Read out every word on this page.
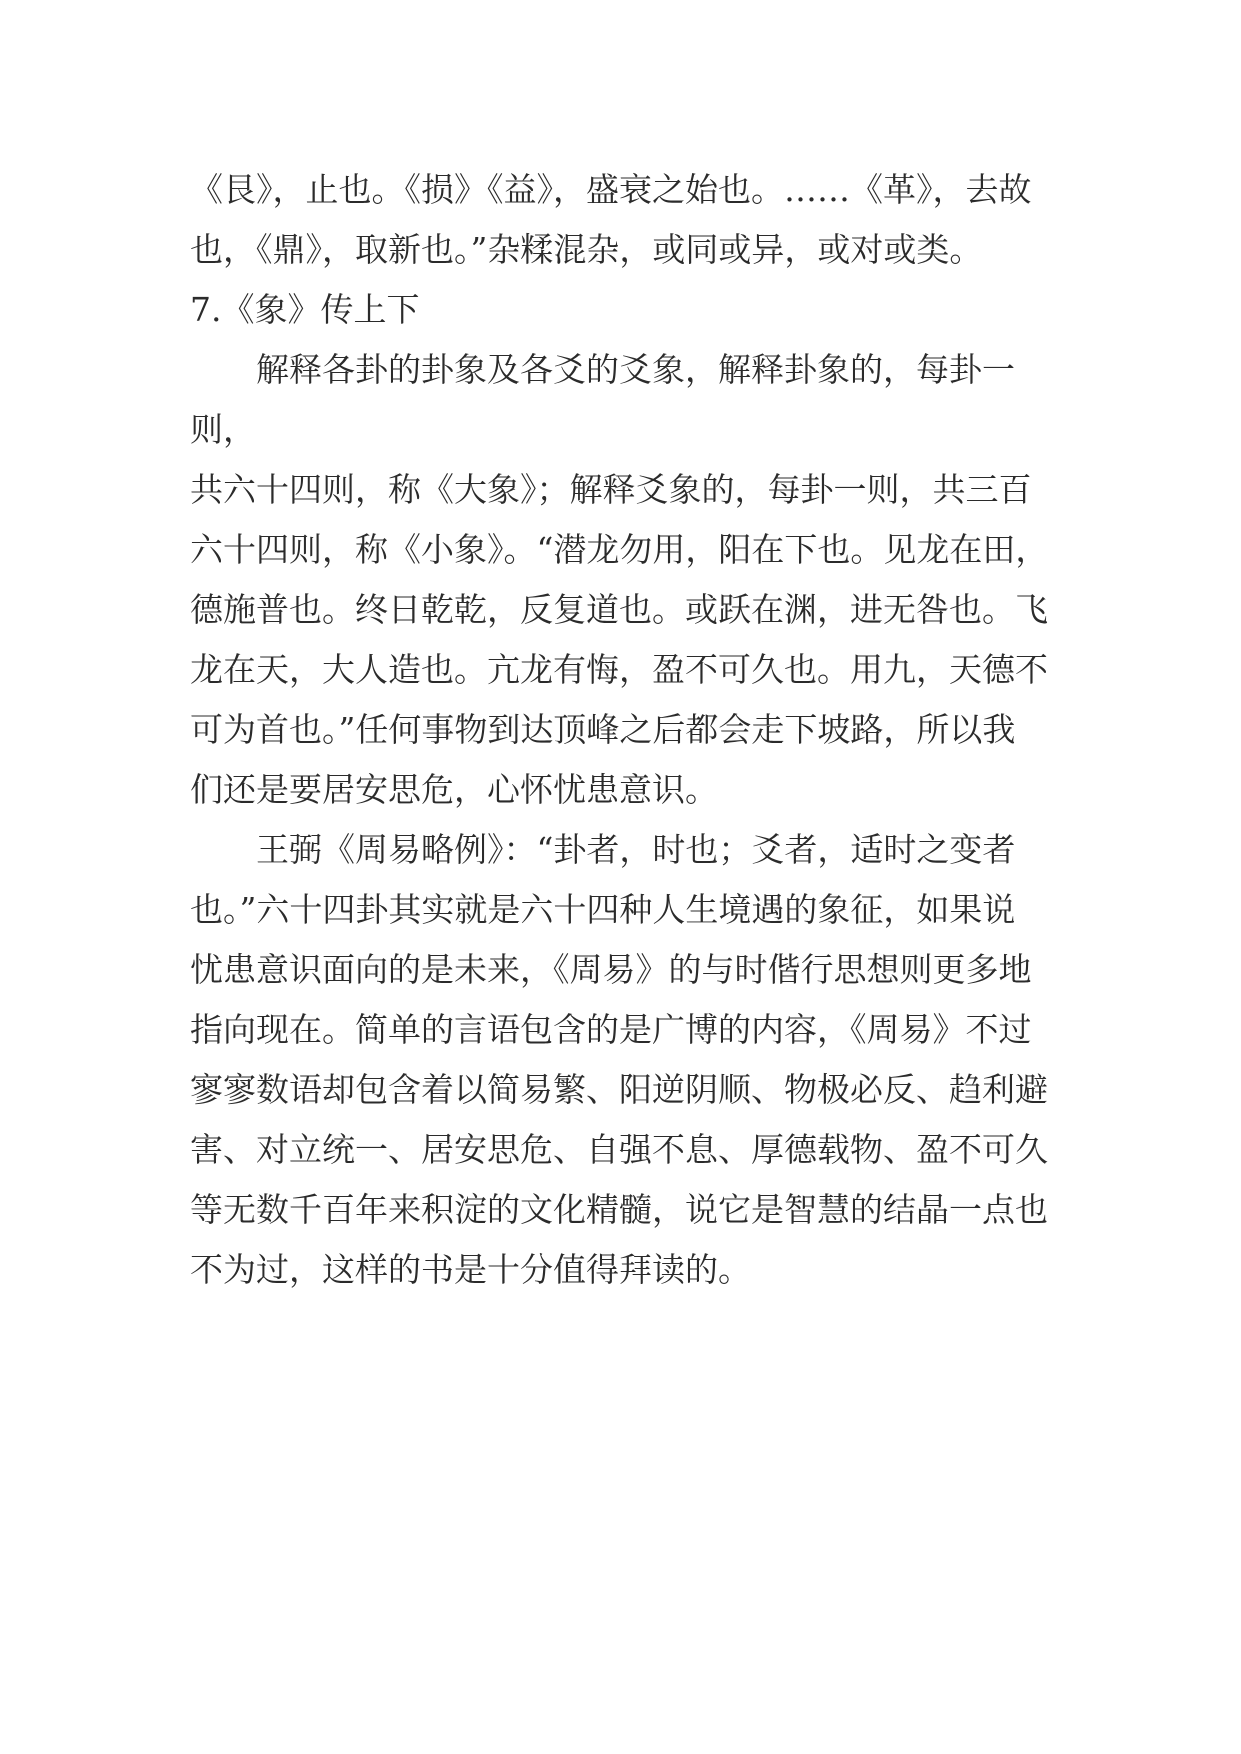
《艮》，止也。《损》《益》，盛衰之始也。……《革》，去故
也，《鼎》，取新也。”杂糅混杂，或同或异，或对或类。

7.《象》传上下

　　解释各卦的卦象及各爻的爻象，解释卦象的，每卦一则，
共六十四则，称《大象》；解释爻象的，每卦一则，共三百
六十四则，称《小象》。“潜龙勿用，阳在下也。见龙在田，
德施普也。终日乾乾，反复道也。或跃在渊，进无咎也。飞
龙在天，大人造也。亢龙有悔，盈不可久也。用九，天德不
可为首也。”任何事物到达顶峰之后都会走下坡路，所以我
们还是要居安思危，心怀忧患意识。

　　王弼《周易略例》：“卦者，时也；爻者，适时之变者
也。”六十四卦其实就是六十四种人生境遇的象征，如果说
忧患意识面向的是未来，《周易》的与时偕行思想则更多地
指向现在。简单的言语包含的是广博的内容，《周易》不过
寥寥数语却包含着以简易繁、阳逆阴顺、物极必反、趋利避
害、对立统一、居安思危、自强不息、厚德载物、盈不可久
等无数千百年来积淀的文化精髓，说它是智慧的结晶一点也
不为过，这样的书是十分值得拜读的。
